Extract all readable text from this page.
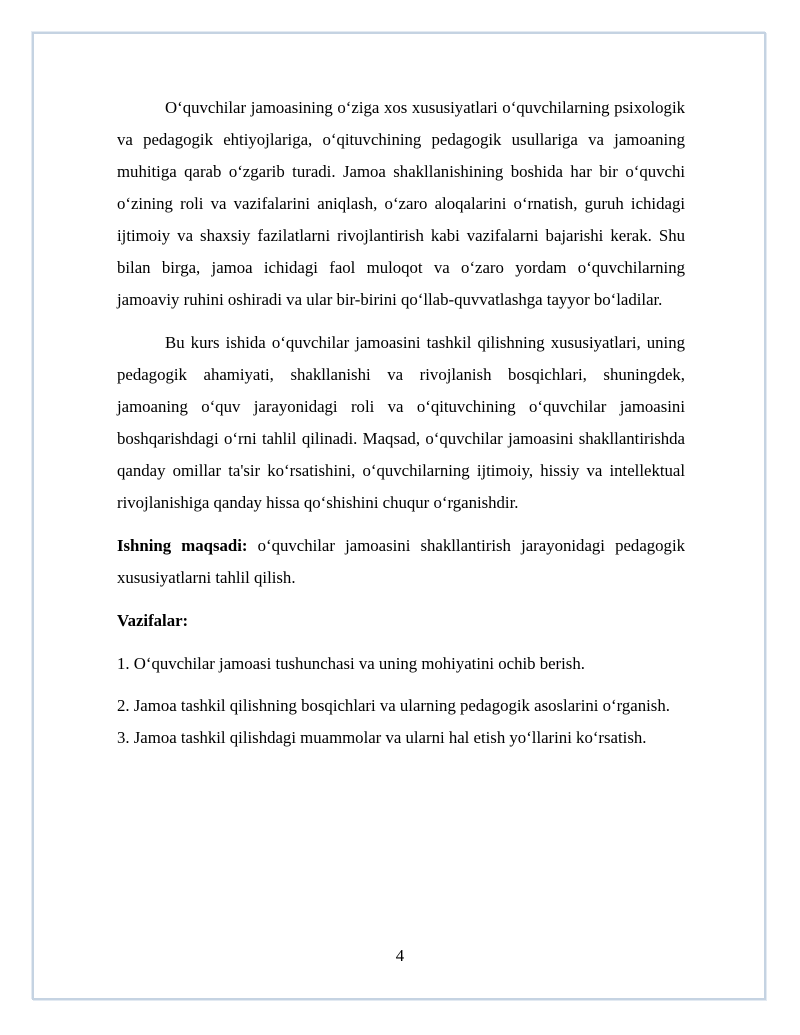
O‘quvchilar jamoasining o‘ziga xos xususiyatlari o‘quvchilarning psixologik va pedagogik ehtiyojlariga, o‘qituvchining pedagogik usullariga va jamoaning muhitiga qarab o‘zgarib turadi. Jamoa shakllanishining boshida har bir o‘quvchi o‘zining roli va vazifalarini aniqlash, o‘zaro aloqalarini o‘rnatish, guruh ichidagi ijtimoiy va shaxsiy fazilatlarni rivojlantirish kabi vazifalarni bajarishi kerak. Shu bilan birga, jamoa ichidagi faol muloqot va o‘zaro yordam o‘quvchilarning jamoaviy ruhini oshiradi va ular bir-birini qo‘llab-quvvatlashga tayyor bo‘ladilar.

Bu kurs ishida o‘quvchilar jamoasini tashkil qilishning xususiyatlari, uning pedagogik ahamiyati, shakllanishi va rivojlanish bosqichlari, shuningdek, jamoaning o‘quv jarayonidagi roli va o‘qituvchining o‘quvchilar jamoasini boshqarishdagi o‘rni tahlil qilinadi. Maqsad, o‘quvchilar jamoasini shakllantirishda qanday omillar ta'sir ko‘rsatishini, o‘quvchilarning ijtimoiy, hissiy va intellektual rivojlanishiga qanday hissa qo‘shishini chuqur o‘rganishdir.

Ishning maqsadi: o‘quvchilar jamoasini shakllantirish jarayonidagi pedagogik xususiyatlarni tahlil qilish.

Vazifalar:

1. O‘quvchilar jamoasi tushunchasi va uning mohiyatini ochib berish.

2. Jamoa tashkil qilishning bosqichlari va ularning pedagogik asoslarini o‘rganish.

3. Jamoa tashkil qilishdagi muammolar va ularni hal etish yo‘llarini ko‘rsatish.

4
